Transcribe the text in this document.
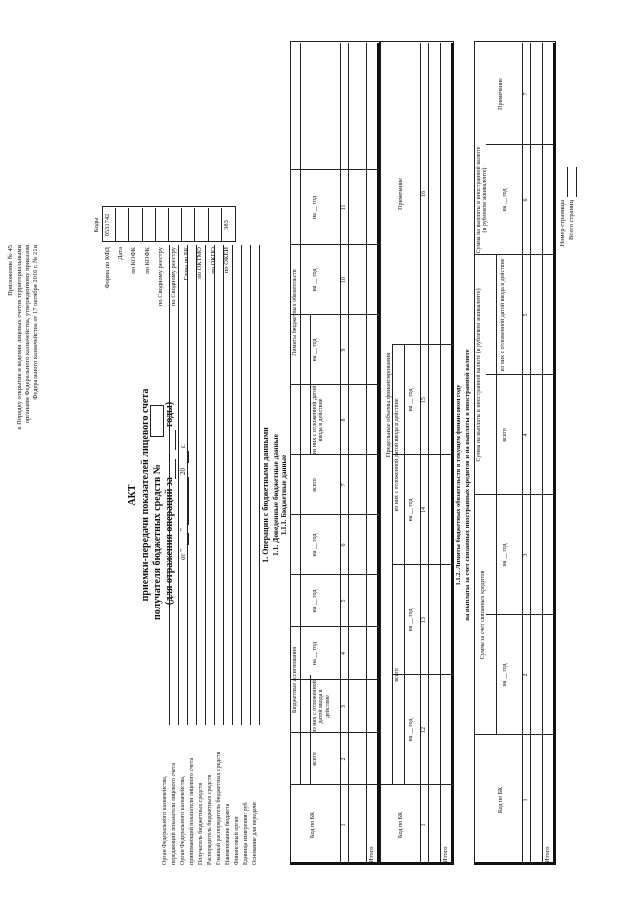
Приложение № 45 к Порядку открытия и ведения лицевых счетов территориальными органами Федерального казначейства, утвержденному приказом Федерального казначейства от 17 октября 2016 г. № 21н
АКТ приемки-передачи показателей лицевого счета получателя бюджетных средств № (для отражения операций за
-
годы)
от "
"
20
г.
Коды
1. Операции с бюджетными данными 1.1. Доведенные бюджетные данные 1.1.1. Бюджетные данные
Предельные объемы финансирования	1.1.2. Лимиты бюджетных обязательств в текущем финансовом году на выплаты за счет связанных иностранных кредитов и на выплаты в иностранной валюте
Номер страницы Всего страниц
Форма по КФД
0531742
Дата по КОФК по КОФК по Сводному реестру по Сводному реестру Глава по БК по ОКТМО по ОКПО по ОКЕИ
383
Орган Федерального казначейства, передающий показатели лицевого счета Орган Федерального казначейства, принимающий показатели лицевого счета Получатель бюджетных средств Распорядитель бюджетных средств Главный распорядитель бюджетных средств Наименование бюджета Финансовый орган Единица измерения: руб Основание для передачи	Код по БК
Бюджетные ассигнования
Лимиты бюджетных обязательств
всего
из них с отложенной датой ввода в действие
на __ год
на __ год
на __ год
всего
из них с отложенной датой ввода в действие
на __ год
на __ год
на __ год
1
2
3
4
5
6
7
8
9
10
11
Итого
Код по БК
всего
из них с отложенной датой ввода в действие
Примечание
на __ год
на __ год
на __ год
на __ год
1
12
13
14
15
16
Итого
Код по БК
Сумма за счет связанных кредитов
Сумма на выплаты в иностранной валюте (в рублевом эквиваленте)
Сумма на выплаты в иностранной валюте (в рублевом эквиваленте)
Примечание
на __ год
на __ год
всего
из них с отложенной датой ввода в действие
на __ год
1
2
3
4
5
6
7
Итого
